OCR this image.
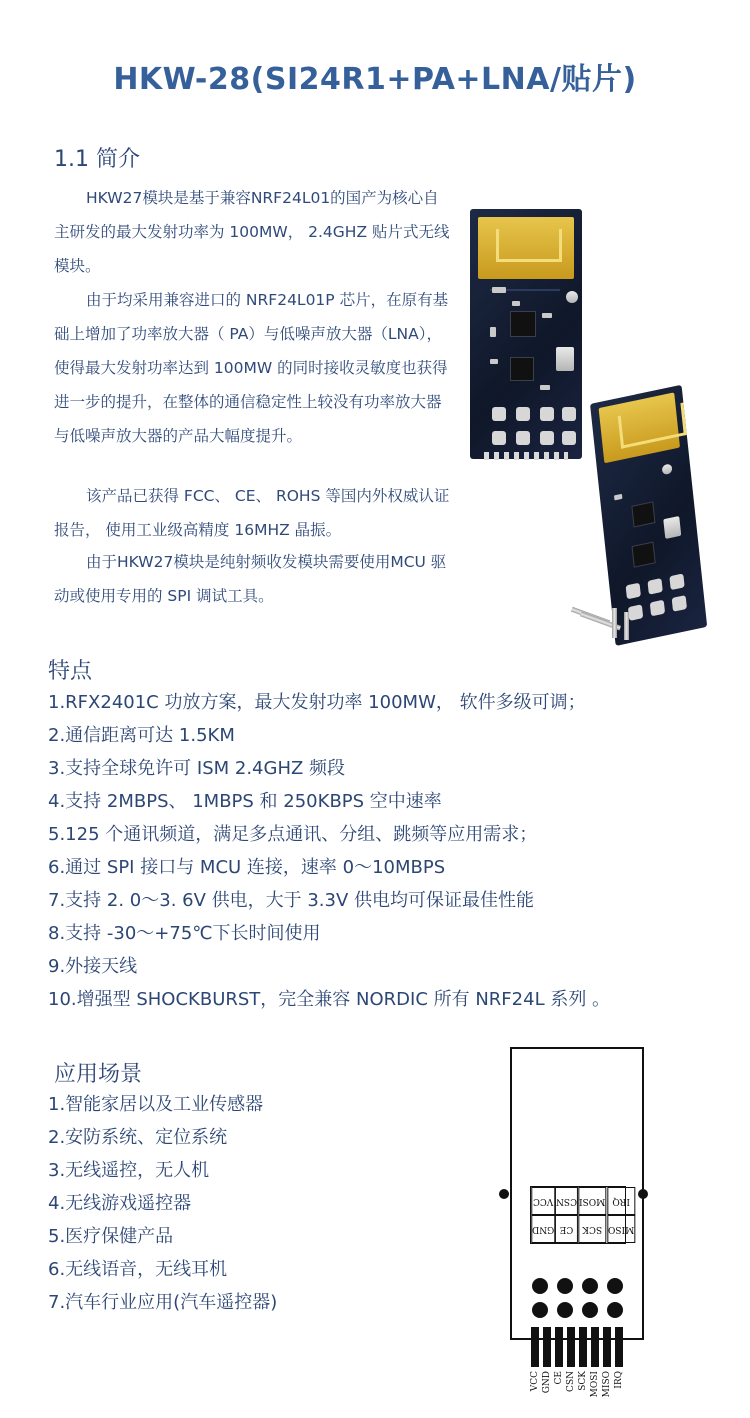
HKW-28(SI24R1+PA+LNA/贴片)
1.1 简介
HKW27模块是基于兼容NRF24L01的国产为核心自主研发的最大发射功率为 100MW， 2.4GHZ 贴片式无线模块。
由于均采用兼容进口的 NRF24L01P 芯片，在原有基础上增加了功率放大器（ PA）与低噪声放大器（LNA），使得最大发射功率达到 100MW 的同时接收灵敏度也获得进一步的提升，在整体的通信稳定性上较没有功率放大器与低噪声放大器的产品大幅度提升。
该产品已获得 FCC、 CE、 ROHS 等国内外权威认证报告， 使用工业级高精度 16MHZ 晶振。
由于HKW27模块是纯射频收发模块需要使用MCU 驱动或使用专用的 SPI 调试工具。
特点
1.RFX2401C 功放方案，最大发射功率 100MW， 软件多级可调；
2.通信距离可达 1.5KM
3.支持全球免许可 ISM 2.4GHZ 频段
4.支持 2MBPS、 1MBPS 和 250KBPS 空中速率
5.125 个通讯频道，满足多点通讯、分组、跳频等应用需求；
6.通过 SPI 接口与 MCU 连接，速率 0～10MBPS
7.支持 2. 0～3. 6V 供电，大于 3.3V 供电均可保证最佳性能
8.支持 -30～+75℃下长时间使用
9.外接天线
10.增强型 SHOCKBURST，完全兼容 NORDIC 所有 NRF24L 系列 。
应用场景
1.智能家居以及工业传感器
2.安防系统、定位系统
3.无线遥控，无人机
4.无线游戏遥控器
5.医疗保健产品
6.无线语音，无线耳机
7.汽车行业应用(汽车遥控器)
VCC CSN MOSI IRQ
GND CE	SCK MISO
VCC GND CE CSN SCK MOSI MISO IRQ
